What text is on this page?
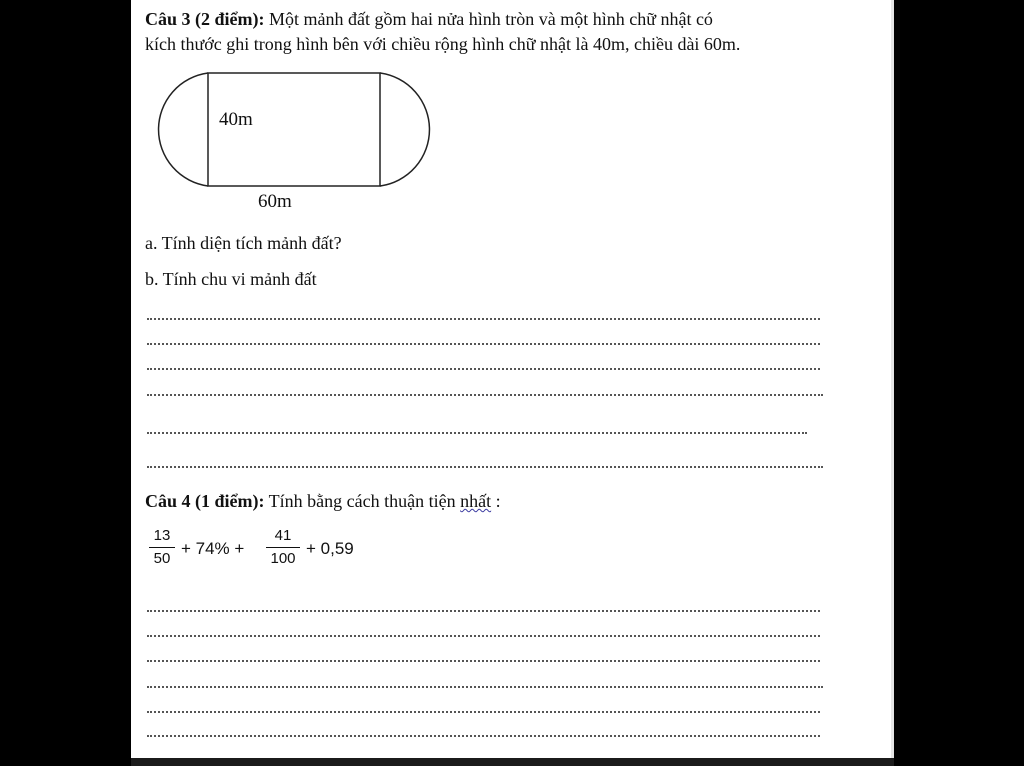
Câu 3 (2 điểm): Một mảnh đất gồm hai nửa hình tròn và một hình chữ nhật có
kích thước ghi trong hình bên với chiều rộng hình chữ nhật là 40m, chiều dài 60m.
40m
60m
a. Tính diện tích mảnh đất?
b. Tính chu vi mảnh đất
Câu 4 (1 điểm): Tính bằng cách thuận tiện nhất :
13
50
+ 74% +
41
100
+ 0,59
